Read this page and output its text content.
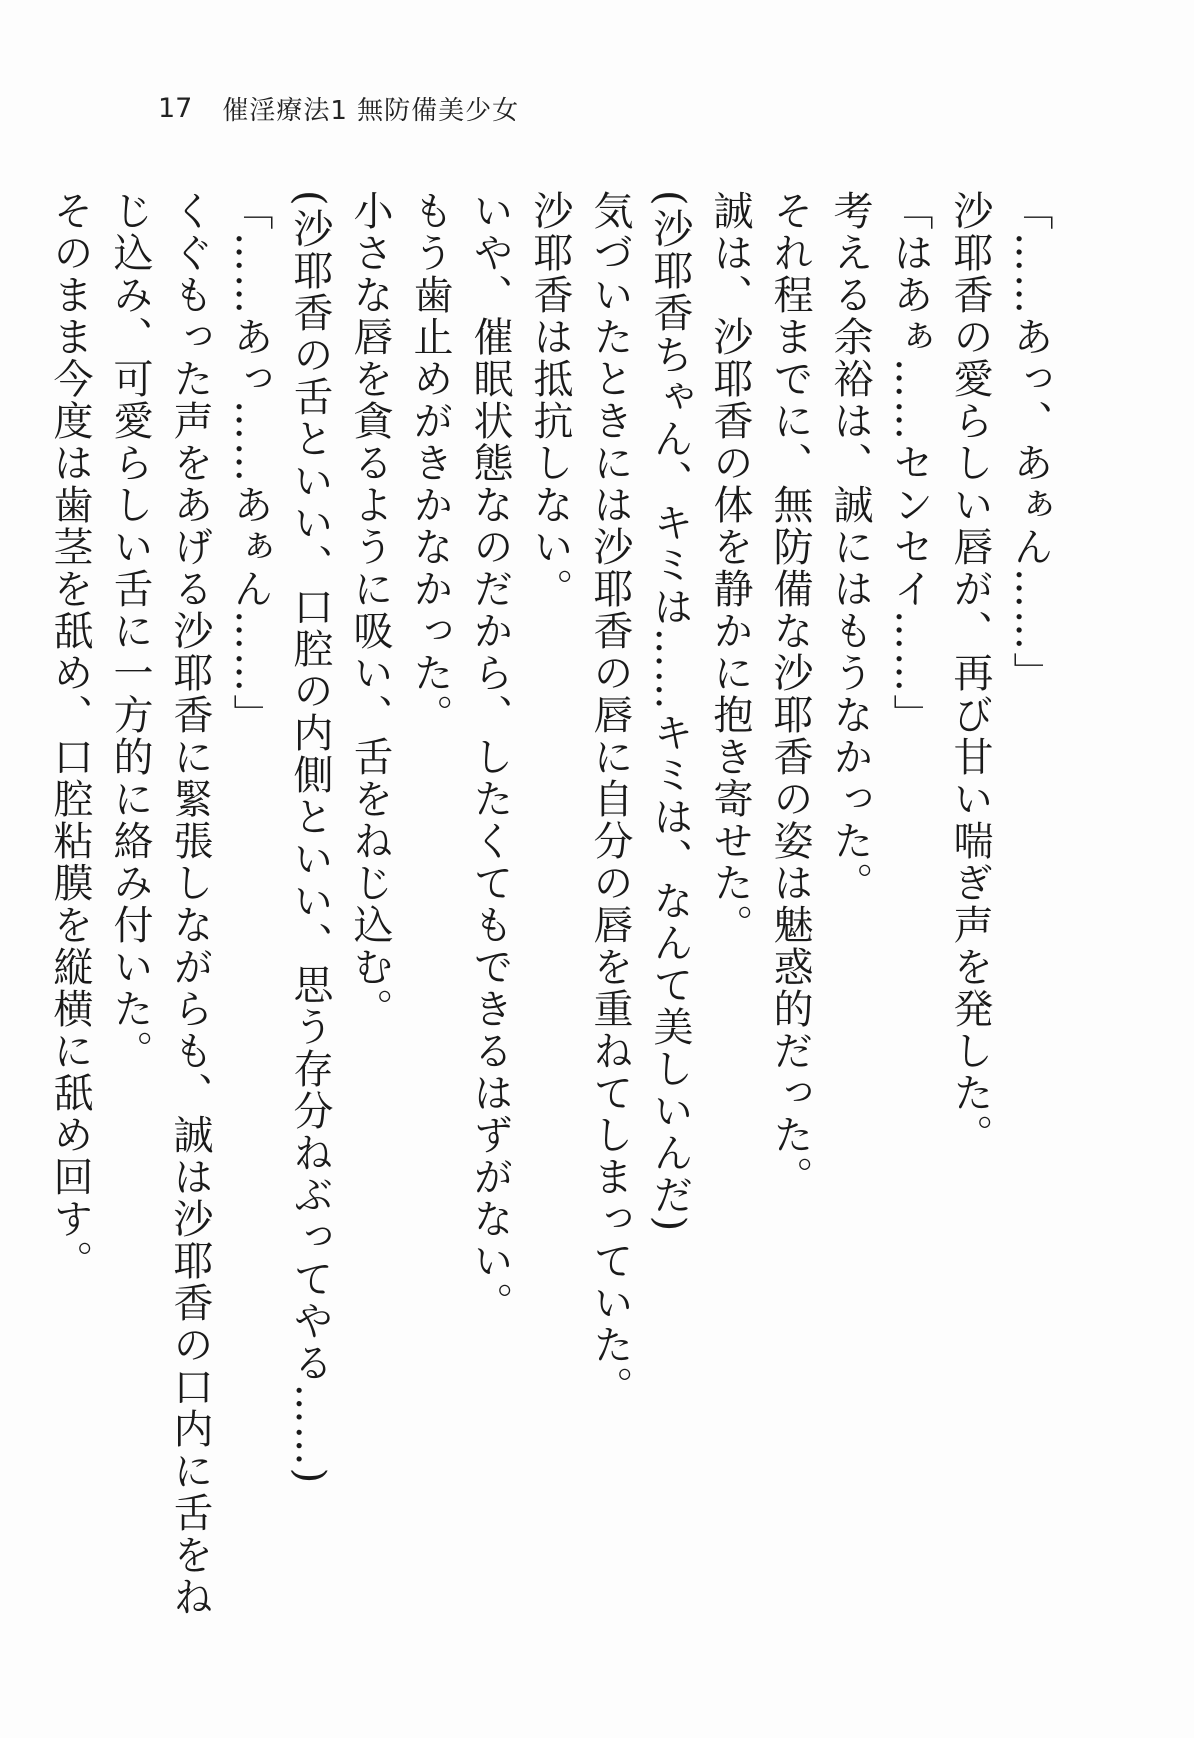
17 催淫療法1 無防備美少女

「……あっ、あぁん……」

沙耶香の愛らしい唇が、再び甘い喘ぎ声を発した。

「はあぁ……センセイ……」

考える余裕は、誠にはもうなかった。

それ程までに、無防備な沙耶香の姿は魅惑的だった。

誠は、沙耶香の体を静かに抱き寄せた。

(沙耶香ちゃん、キミは……キミは、なんて美しいんだ)

気づいたときには沙耶香の唇に自分の唇を重ねてしまっていた。

沙耶香は抵抗しない。

いや、催眠状態なのだから、したくてもできるはずがない。

もう歯止めがきかなかった。

小さな唇を貪るように吸い、舌をねじ込む。

(沙耶香の舌といい、口腔の内側といい、思う存分ねぶってやる……)

「……あっ……あぁん……」

くぐもった声をあげる沙耶香に緊張しながらも、誠は沙耶香の口内に舌をねじ込み、可愛らしい舌に一方的に絡み付いた。

そのまま今度は歯茎を舐め、口腔粘膜を縦横に舐め回す。
